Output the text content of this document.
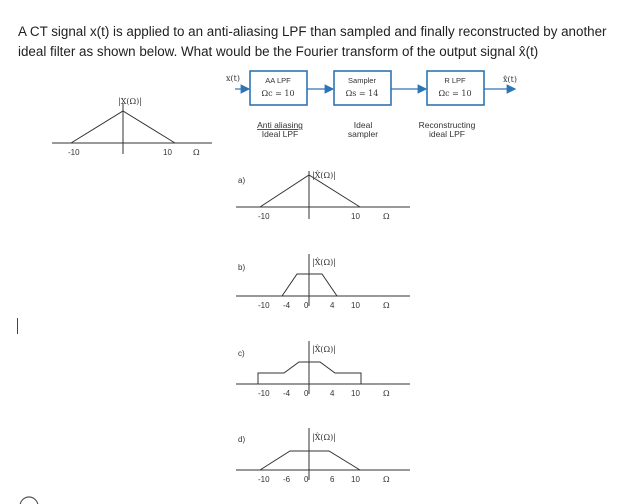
A CT signal x(t) is applied to an anti-aliasing LPF than sampled and finally reconstructed by another
ideal filter as shown below. What would be the Fourier transform of the output signal x̂(t)
x(t)	AA LPF
Ωc = 10
Sampler
Ωs = 14
R LPF
Ωc = 10
x̂(t)
Anti aliasing
Ideal LPF
Ideal
sampler
Reconstructing
ideal LPF
|X(Ω)|
-10	10	Ω
a)
|X̂(Ω)|
-10	10	Ω
b)
|X̂(Ω)|
-10 -4 0	4 10	Ω
c)	|X̂(Ω)|
-10 -4 0	4 10	Ω
d)	|X̂(Ω)|
-10 -6 0	6 10	Ω
